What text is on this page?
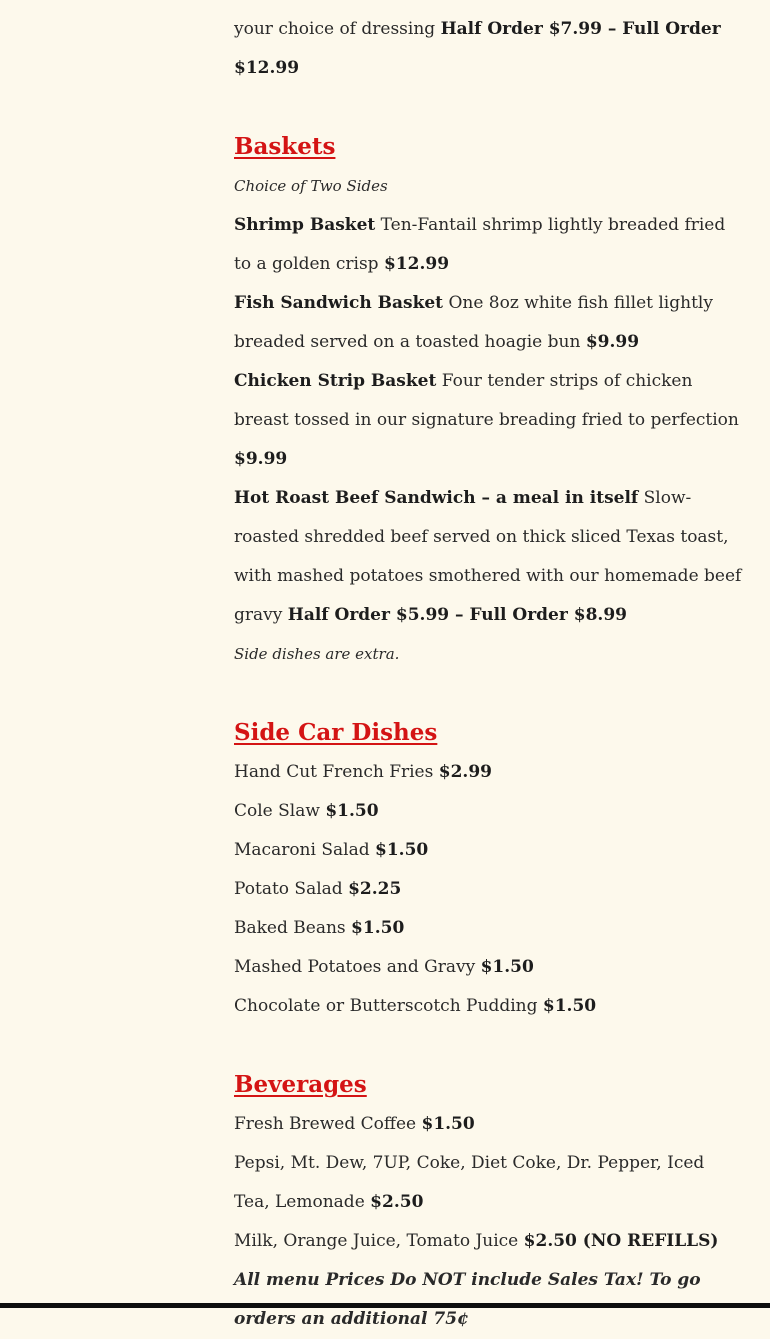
your choice of dressing Half Order $7.99 – Full Order $12.99
Baskets
Choice of Two Sides
Shrimp Basket Ten-Fantail shrimp lightly breaded fried to a golden crisp $12.99
Fish Sandwich Basket One 8oz white fish fillet lightly breaded served on a toasted hoagie bun $9.99
Chicken Strip Basket Four tender strips of chicken breast tossed in our signature breading fried to perfection $9.99
Hot Roast Beef Sandwich – a meal in itself Slow-roasted shredded beef served on thick sliced Texas toast, with mashed potatoes smothered with our homemade beef gravy Half Order $5.99 – Full Order $8.99
Side dishes are extra.
Side Car Dishes
Hand Cut French Fries $2.99
Cole Slaw $1.50
Macaroni Salad $1.50
Potato Salad $2.25
Baked Beans $1.50
Mashed Potatoes and Gravy $1.50
Chocolate or Butterscotch Pudding $1.50
Beverages
Fresh Brewed Coffee $1.50
Pepsi, Mt. Dew, 7UP, Coke, Diet Coke, Dr. Pepper, Iced Tea, Lemonade $2.50
Milk, Orange Juice, Tomato Juice $2.50 (NO REFILLS)
All menu Prices Do NOT include Sales Tax! To go orders an additional 75¢
